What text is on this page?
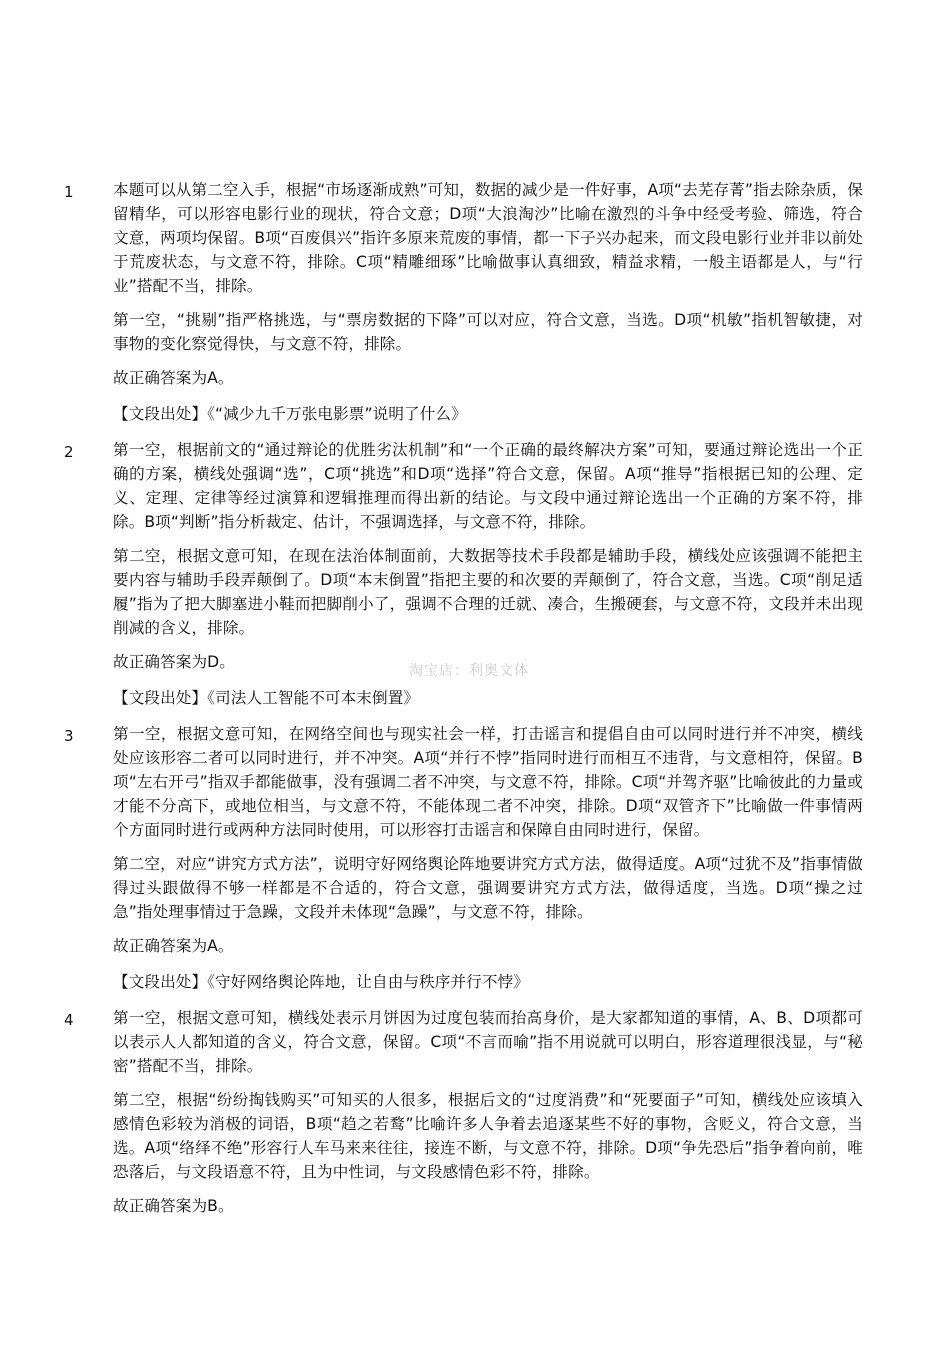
1	本题可以从第二空入手，根据“市场逐渐成熟”可知，数据的减少是一件好事，A项“去芜存菁”指去除杂质，保留精华，可以形容电影行业的现状，符合文意；D项“大浪淘沙”比喻在激烈的斗争中经受考验、筛选，符合文意，两项均保留。B项“百废俱兴”指许多原来荒废的事情，都一下子兴办起来，而文段电影行业并非以前处于荒废状态，与文意不符，排除。C项“精雕细琢”比喻做事认真细致，精益求精，一般主语都是人，与“行业”搭配不当，排除。

第一空，“挑剔”指严格挑选，与“票房数据的下降”可以对应，符合文意，当选。D项“机敏”指机智敏捷，对事物的变化察觉得快，与文意不符，排除。

故正确答案为A。

【文段出处】《“减少九千万张电影票”说明了什么》

2	第一空，根据前文的“通过辩论的优胜劣汰机制”和“一个正确的最终解决方案”可知，要通过辩论选出一个正确的方案，横线处强调“选”，C项“挑选”和D项“选择”符合文意，保留。A项“推导”指根据已知的公理、定义、定理、定律等经过演算和逻辑推理而得出新的结论。与文段中通过辩论选出一个正确的方案不符，排除。B项“判断”指分析裁定、估计，不强调选择，与文意不符，排除。

第二空，根据文意可知，在现在法治体制面前，大数据等技术手段都是辅助手段，横线处应该强调不能把主要内容与辅助手段弄颠倒了。D项“本末倒置”指把主要的和次要的弄颠倒了，符合文意，当选。C项“削足适履”指为了把大脚塞进小鞋而把脚削小了，强调不合理的迁就、凑合，生搬硬套，与文意不符，文段并未出现削减的含义，排除。

故正确答案为D。

【文段出处】《司法人工智能不可本末倒置》

3	第一空，根据文意可知，在网络空间也与现实社会一样，打击谣言和提倡自由可以同时进行并不冲突，横线处应该形容二者可以同时进行，并不冲突。A项“并行不悖”指同时进行而相互不违背，与文意相符，保留。B项“左右开弓”指双手都能做事，没有强调二者不冲突，与文意不符，排除。C项“并驾齐驱”比喻彼此的力量或才能不分高下，或地位相当，与文意不符，不能体现二者不冲突，排除。D项“双管齐下”比喻做一件事情两个方面同时进行或两种方法同时使用，可以形容打击谣言和保障自由同时进行，保留。

第二空，对应“讲究方式方法”，说明守好网络舆论阵地要讲究方式方法，做得适度。A项“过犹不及”指事情做得过头跟做得不够一样都是不合适的，符合文意，强调要讲究方式方法，做得适度，当选。D项“操之过急”指处理事情过于急躁，文段并未体现“急躁”，与文意不符，排除。

故正确答案为A。

【文段出处】《守好网络舆论阵地，让自由与秩序并行不悖》

4	第一空，根据文意可知，横线处表示月饼因为过度包装而抬高身价，是大家都知道的事情，A、B、D项都可以表示人人都知道的含义，符合文意，保留。C项“不言而喻”指不用说就可以明白，形容道理很浅显，与“秘密”搭配不当，排除。

第二空，根据“纷纷掏钱购买”可知买的人很多，根据后文的“过度消费”和“死要面子”可知，横线处应该填入感情色彩较为消极的词语，B项“趋之若鹜”比喻许多人争着去追逐某些不好的事物，含贬义，符合文意，当选。A项“络绎不绝”形容行人车马来来往往，接连不断，与文意不符，排除。D项“争先恐后”指争着向前，唯恐落后，与文段语意不符，且为中性词，与文段感情色彩不符，排除。

故正确答案为B。

淘宝店：利奥文体
